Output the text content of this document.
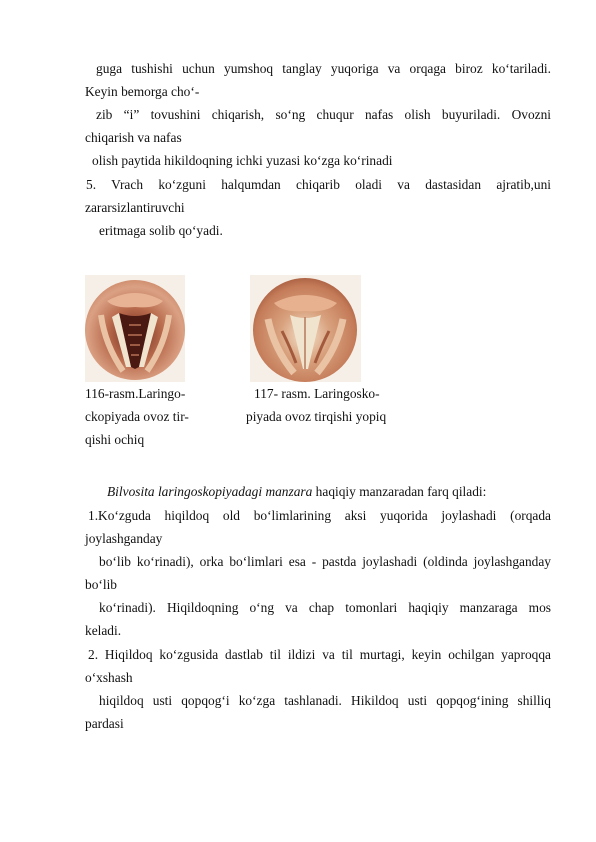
guga tushishi uchun yumshoq tanglay yuqoriga va orqaga biroz ko‘tariladi.
Keyin bemorga cho‘-
zib “i” tovushini chiqarish, so‘ng chuqur nafas olish buyuriladi. Ovozni
chiqarish va nafas
olish paytida hikildoqning ichki yuzasi ko‘zga ko‘rinadi
5. Vrach ko‘zguni halqumdan chiqarib oladi va dastasidan ajratib,uni
zararsizlantiruvchi
eritmaga solib qo‘yadi.
116-rasm.Laringo-	117- rasm. Laringosko-
ckopiyada ovoz tir-	piyada ovoz tirqishi yopiq
qishi ochiq
Bilvosita laringoskopiyadagi manzara haqiqiy manzaradan farq qiladi:
1.Ko‘zguda hiqildoq old bo‘limlarining aksi yuqorida joylashadi (orqada
joylashganday
bo‘lib ko‘rinadi), orka bo‘limlari esa - pastda joylashadi (oldinda joylashganday
bo‘lib
ko‘rinadi). Hiqildoqning o‘ng va chap tomonlari haqiqiy manzaraga mos
keladi.
2. Hiqildoq ko‘zgusida dastlab til ildizi va til murtagi, keyin ochilgan yaproqqa
o‘xshash
hiqildoq usti qopqog‘i ko‘zga tashlanadi. Hikildoq usti qopqog‘ining shilliq
pardasi
